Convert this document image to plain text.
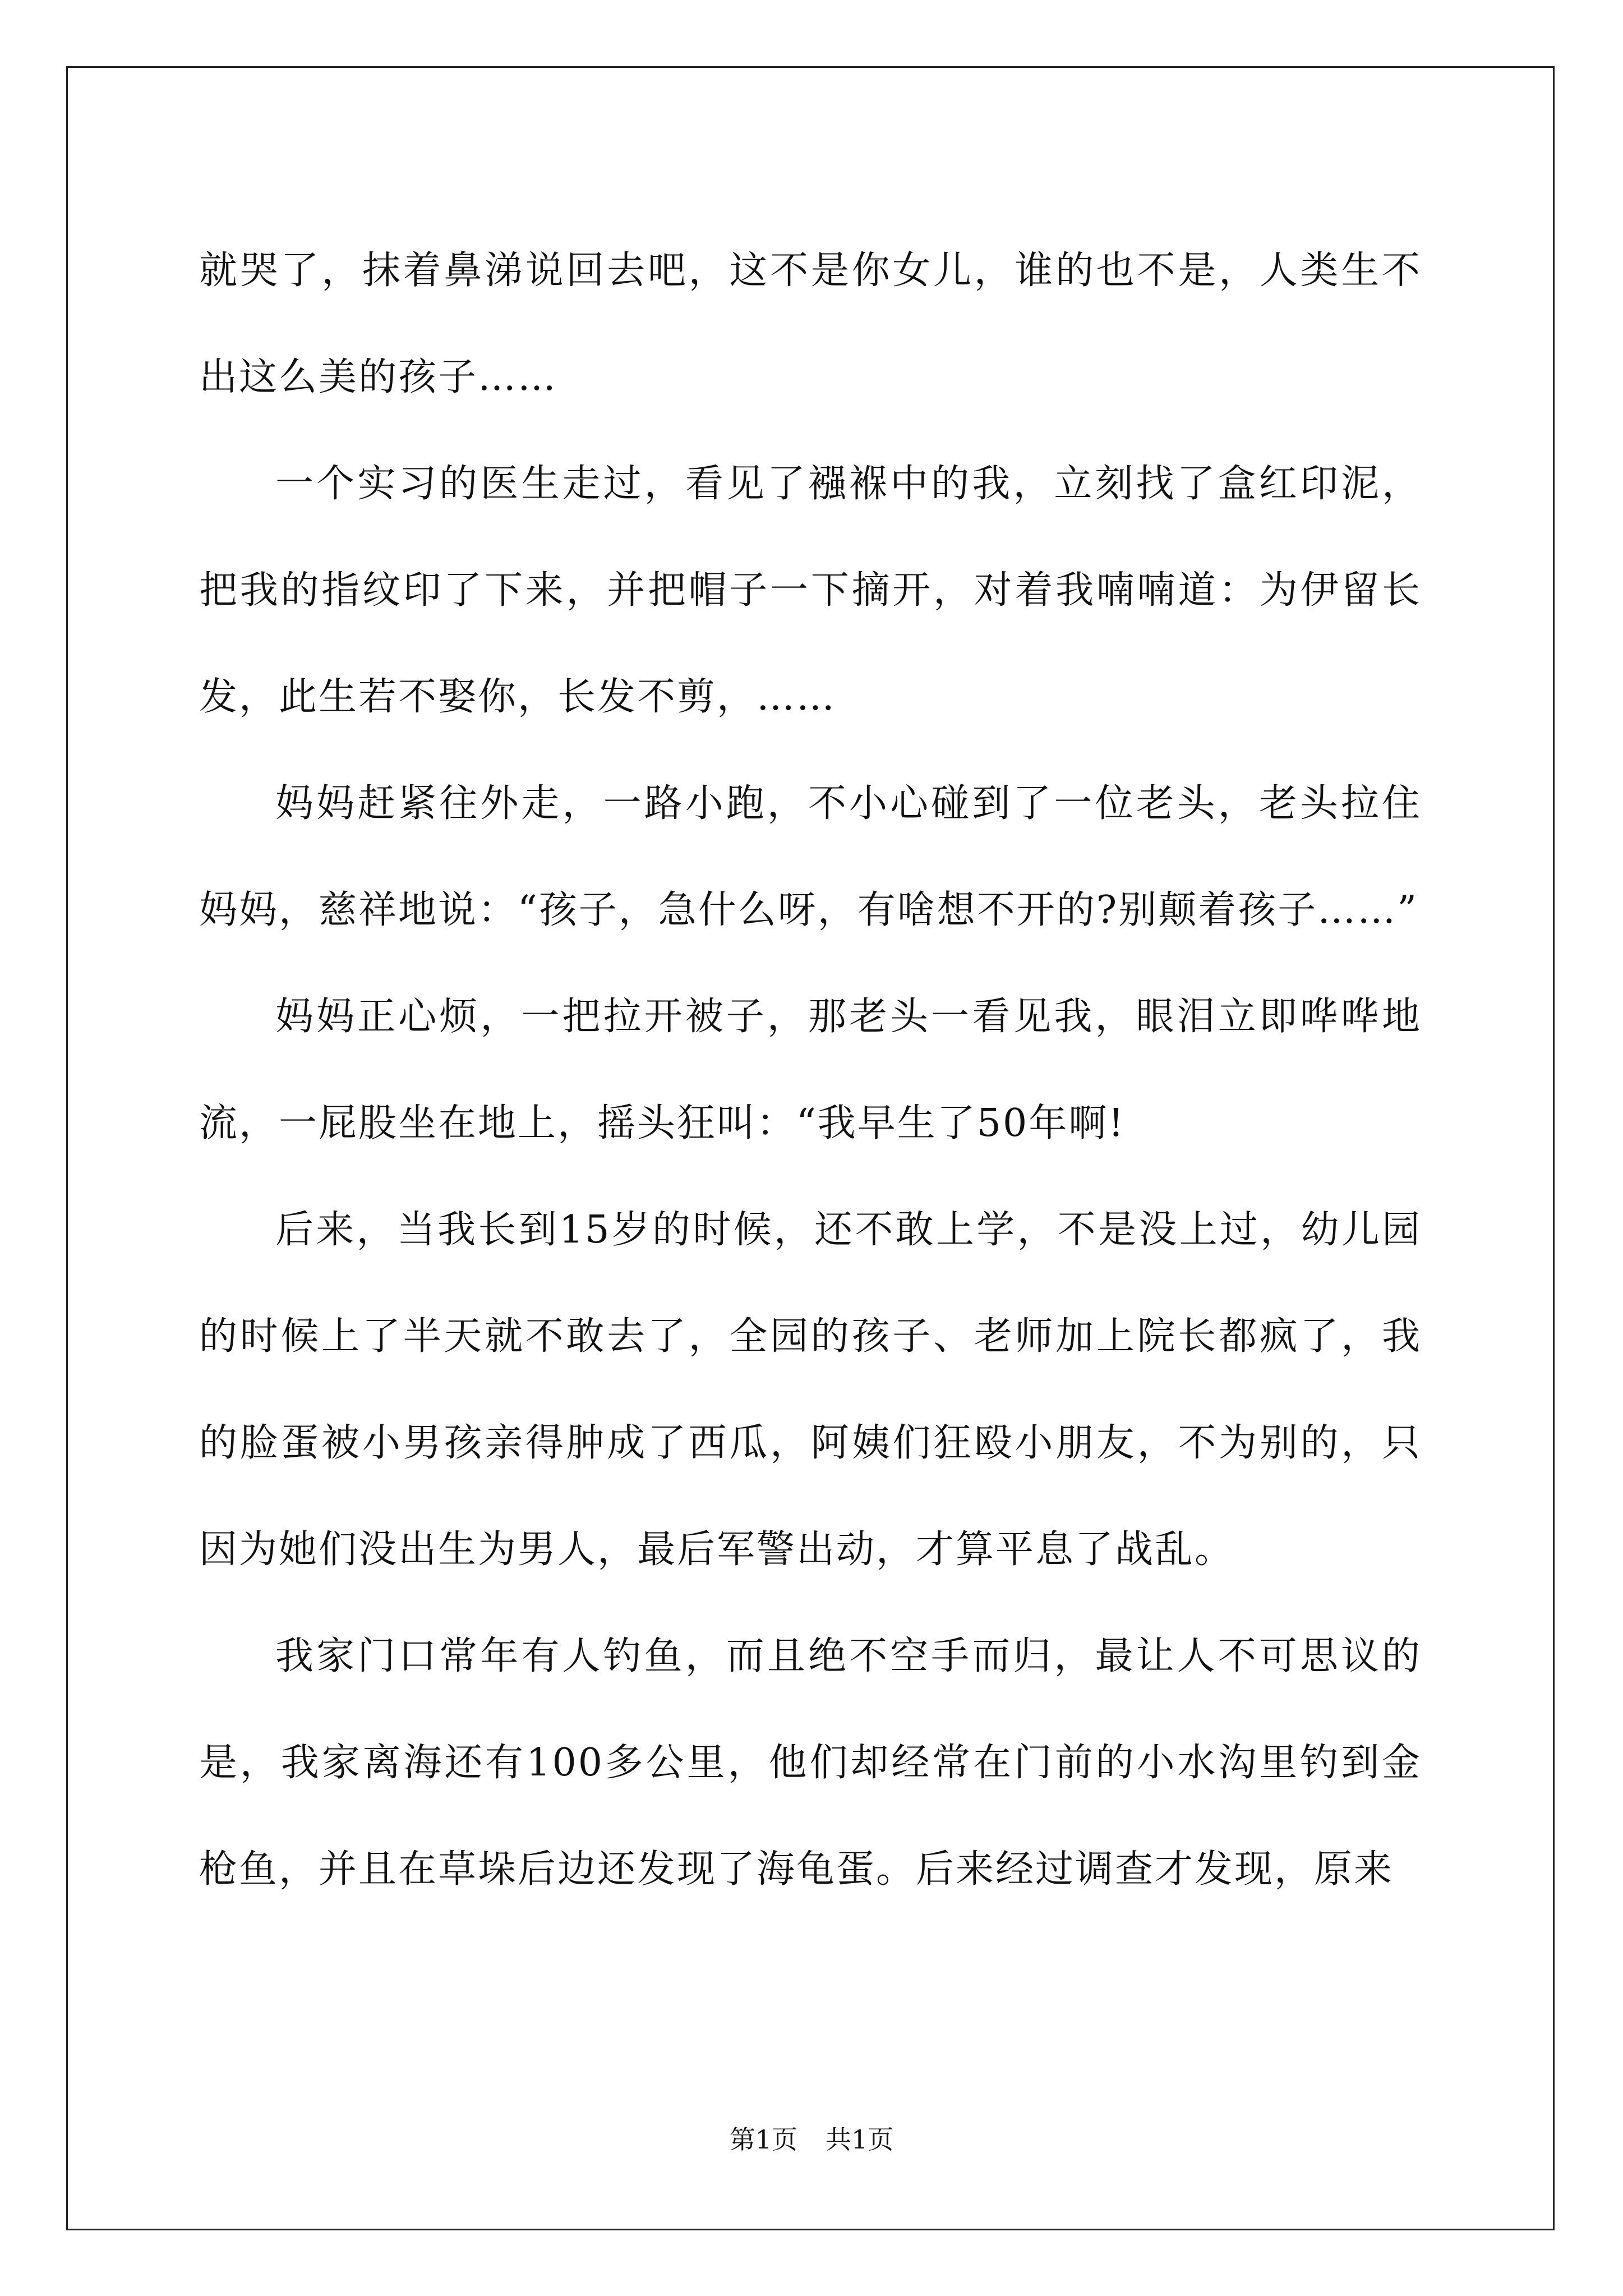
就哭了，抹着鼻涕说回去吧，这不是你女儿，谁的也不是，人类生不出这么美的孩子……

一个实习的医生走过，看见了襁褓中的我，立刻找了盒红印泥，把我的指纹印了下来，并把帽子一下摘开，对着我喃喃道：为伊留长发，此生若不娶你，长发不剪，……

妈妈赶紧往外走，一路小跑，不小心碰到了一位老头，老头拉住妈妈，慈祥地说：“孩子，急什么呀，有啥想不开的?别颠着孩子……”

妈妈正心烦，一把拉开被子，那老头一看见我，眼泪立即哗哗地流，一屁股坐在地上，摇头狂叫：“我早生了50年啊!

后来，当我长到15岁的时候，还不敢上学，不是没上过，幼儿园的时候上了半天就不敢去了，全园的孩子、老师加上院长都疯了，我的脸蛋被小男孩亲得肿成了西瓜，阿姨们狂殴小朋友，不为别的，只因为她们没出生为男人，最后军警出动，才算平息了战乱。

我家门口常年有人钓鱼，而且绝不空手而归，最让人不可思议的是，我家离海还有100多公里，他们却经常在门前的小水沟里钓到金枪鱼，并且在草垛后边还发现了海龟蛋。后来经过调查才发现，原来

第1页 共1页
